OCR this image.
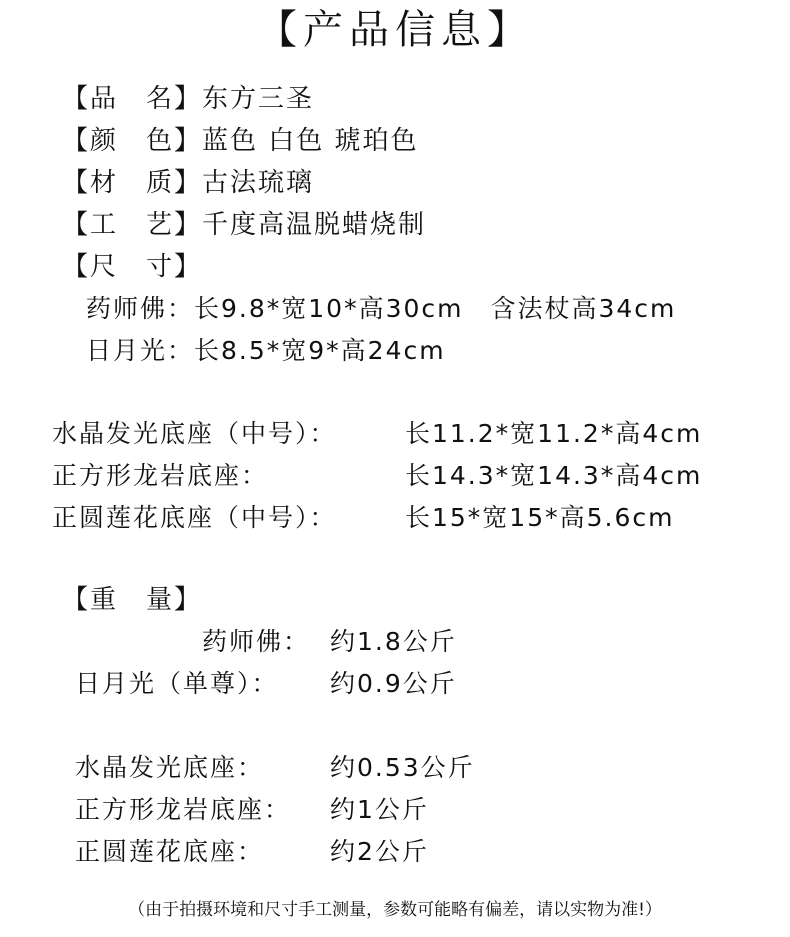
【产品信息】
【品　名】东方三圣
【颜　色】蓝色 白色 琥珀色
【材　质】古法琉璃
【工　艺】千度高温脱蜡烧制
【尺　寸】
药师佛：长9.8*宽10*高30cm　含法杖高34cm
日月光：长8.5*宽9*高24cm
水晶发光底座（中号）：	长11.2*宽11.2*高4cm
正方形龙岩底座：	长14.3*宽14.3*高4cm
正圆莲花底座（中号）：	长15*宽15*高5.6cm
【重　量】
药师佛： 约1.8公斤
日月光（单尊）： 约0.9公斤
水晶发光底座：	约0.53公斤
正方形龙岩底座： 约1公斤
正圆莲花底座：	约2公斤
（由于拍摄环境和尺寸手工测量，参数可能略有偏差，请以实物为准!）
